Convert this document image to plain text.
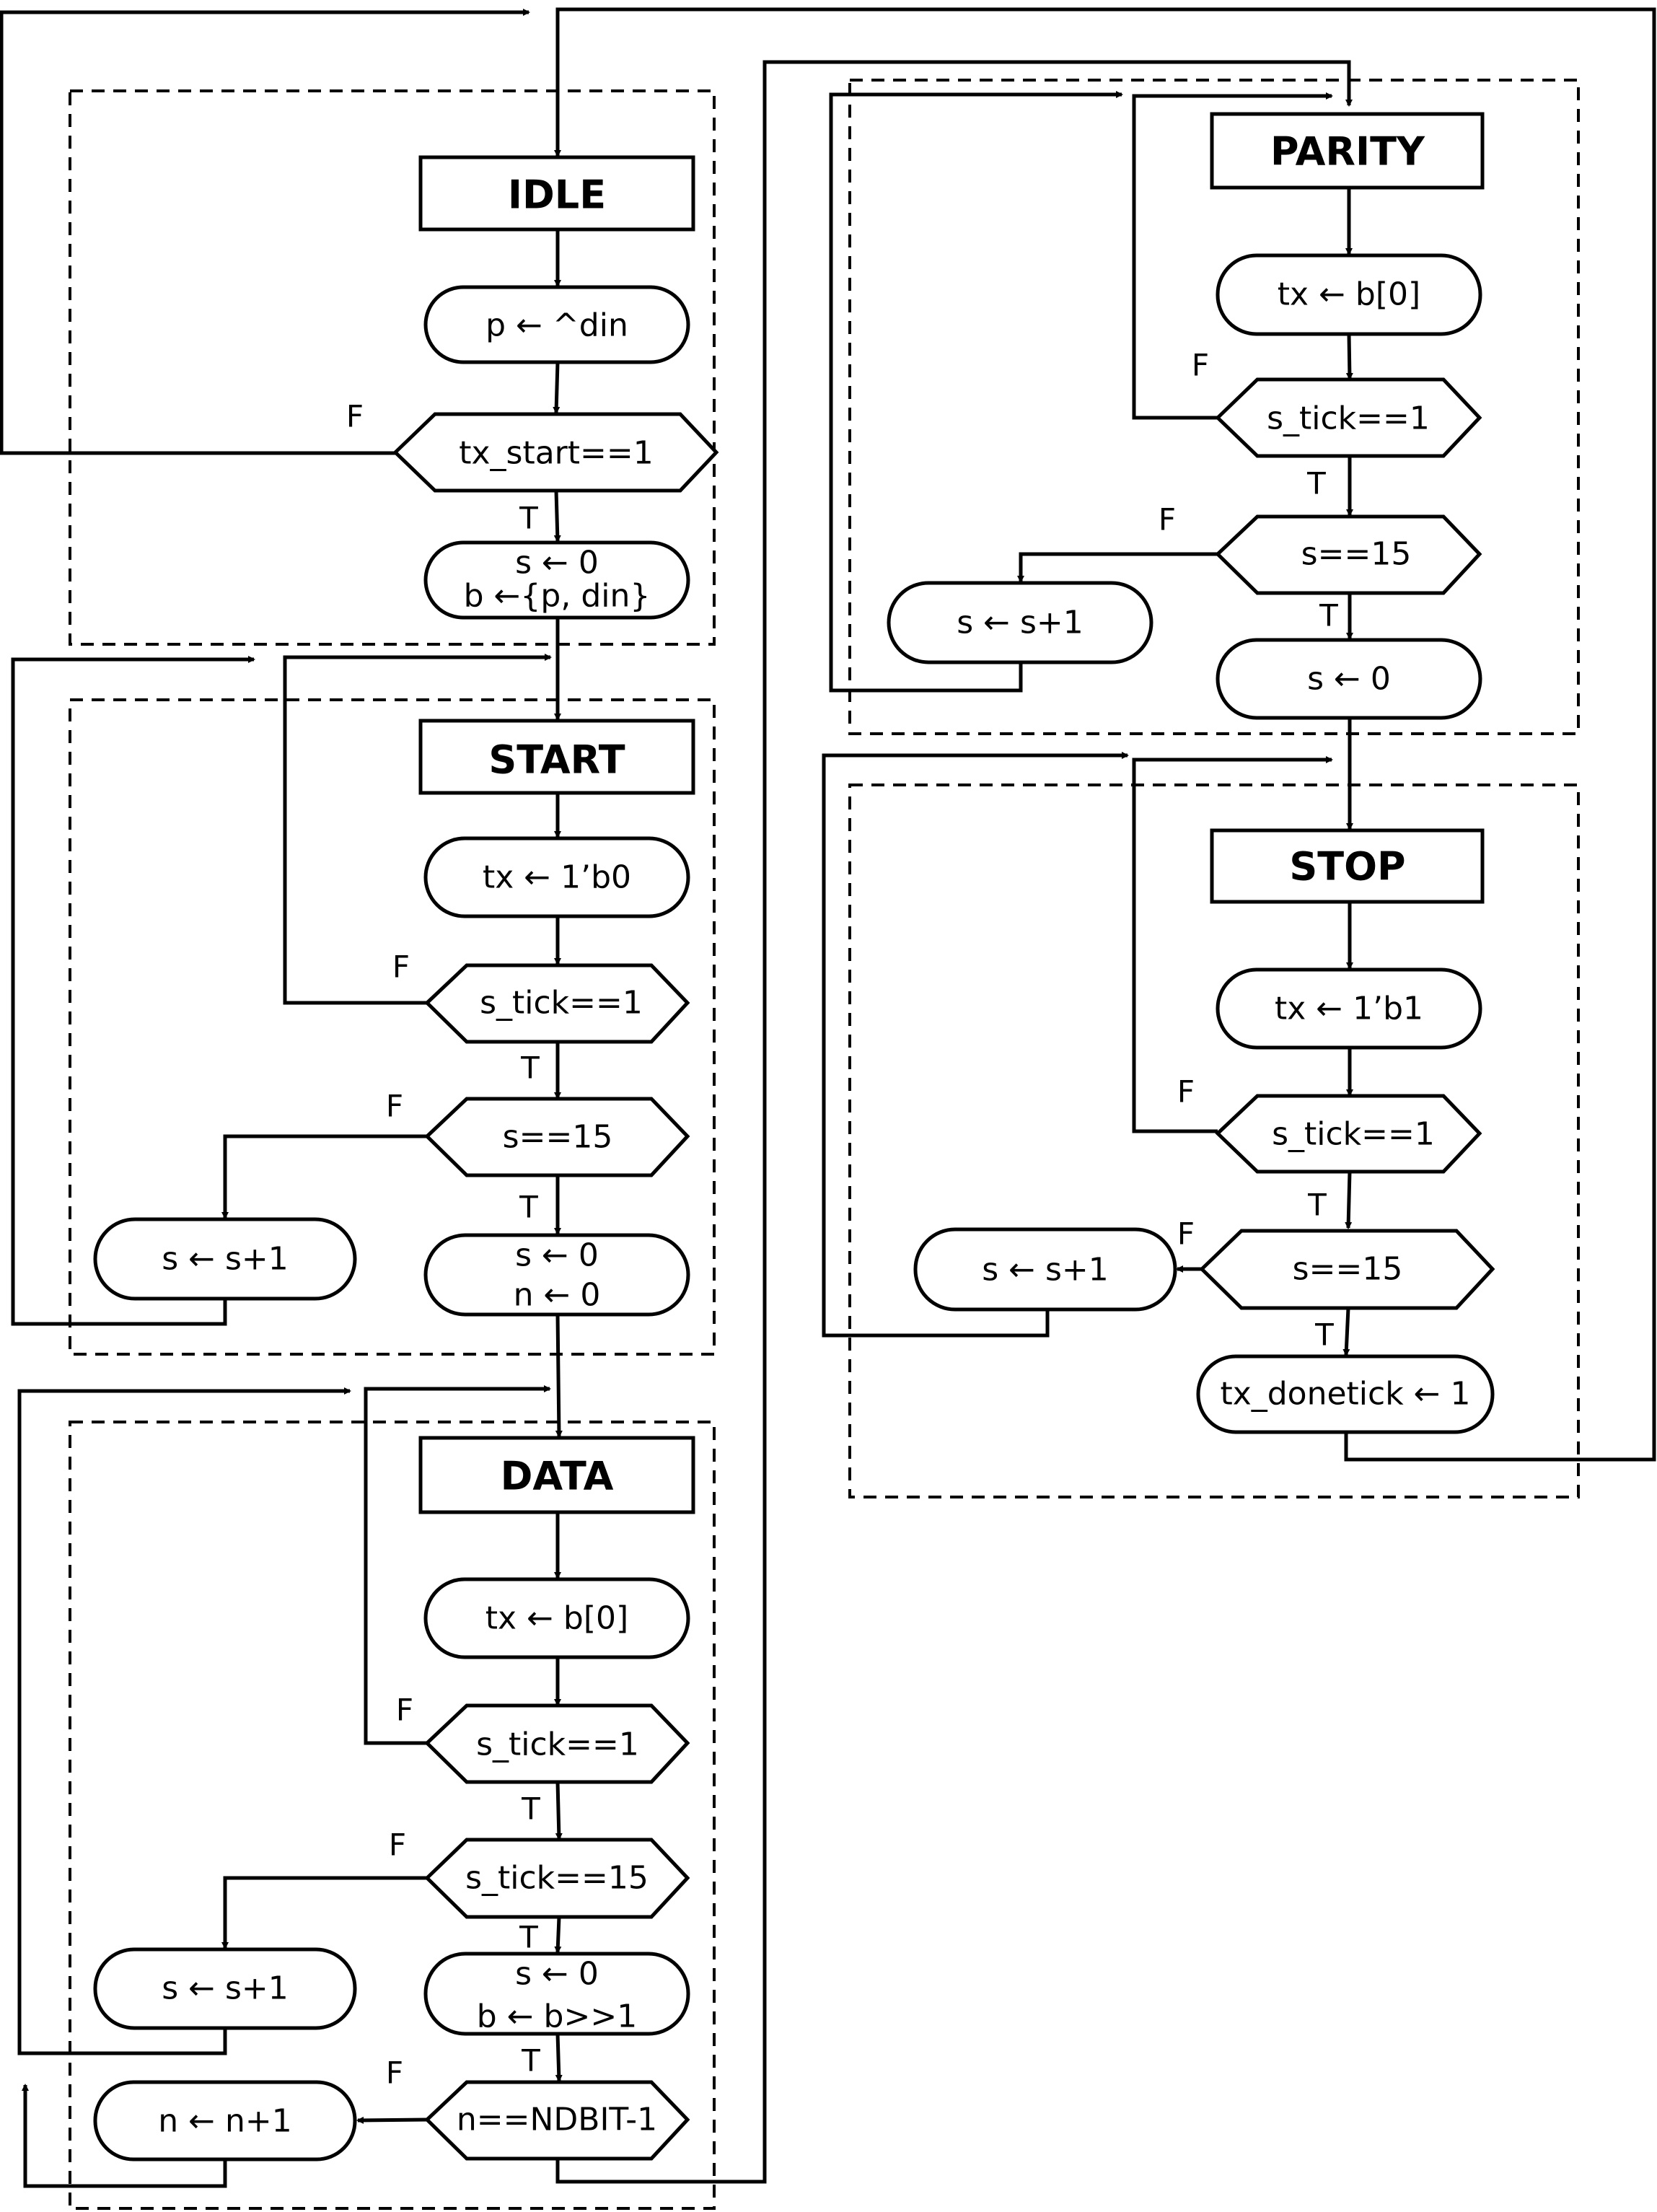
IDLE
p ← ^din
tx_start==1
s ← 0
b ←{p, din}
START
tx ← 1’b0
s_tick==1
s==15
s ← s+1	s ← 0
n ← 0
DATA
tx ← b[0]
s_tick==1
s_tick==15
s ← s+1	s ← 0
b ← b>>1
n==NDBIT-1
n ← n+1
PARITY
tx ← b[0]
s_tick==1
s==15
s ← s+1
s ← 0
STOP
tx ← 1’b1
s_tick==1
s==15
s ← s+1
tx_donetick ← 1
F
T
F
T
F
T
F
T
F
T
F	T
F
T
F
T
F
T
F
T
